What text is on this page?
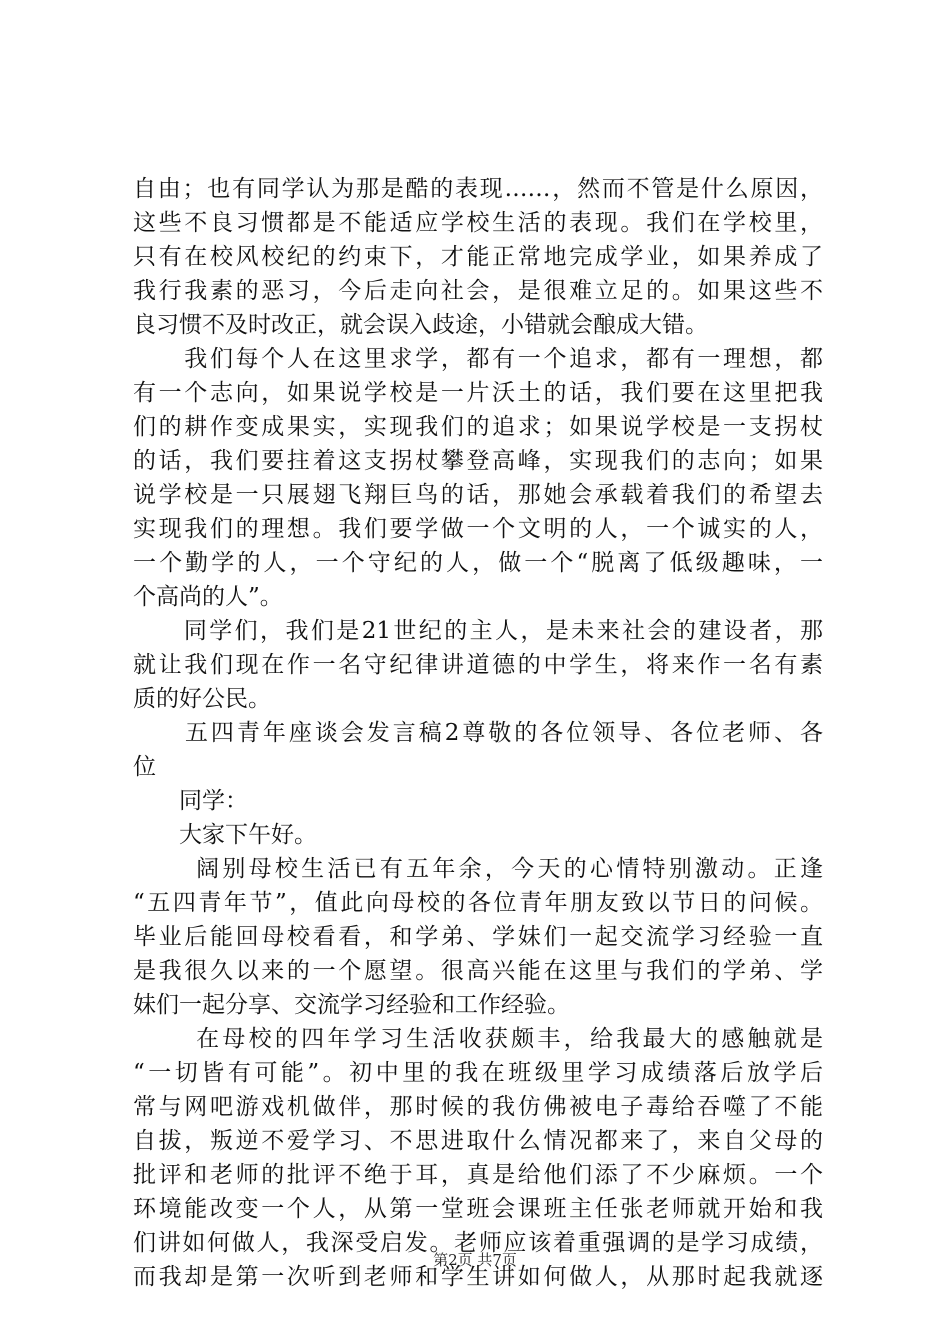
自由；也有同学认为那是酷的表现……，然而不管是什么原因，
这些不良习惯都是不能适应学校生活的表现。我们在学校里，
只有在校风校纪的约束下，才能正常地完成学业，如果养成了
我行我素的恶习，今后走向社会，是很难立足的。如果这些不
良习惯不及时改正，就会误入歧途，小错就会酿成大错。
　　我们每个人在这里求学，都有一个追求，都有一理想，都
有一个志向，如果说学校是一片沃土的话，我们要在这里把我
们的耕作变成果实，实现我们的追求；如果说学校是一支拐杖
的话，我们要拄着这支拐杖攀登高峰，实现我们的志向；如果
说学校是一只展翅飞翔巨鸟的话，那她会承载着我们的希望去
实现我们的理想。我们要学做一个文明的人，一个诚实的人，
一个勤学的人，一个守纪的人，做一个“脱离了低级趣味，一
个高尚的人”。
　　同学们，我们是21世纪的主人，是未来社会的建设者，那
就让我们现在作一名守纪律讲道德的中学生，将来作一名有素
质的好公民。
　　五四青年座谈会发言稿2尊敬的各位领导、各位老师、各
位
　　同学：
　　大家下午好。
　　 阔别母校生活已有五年余，今天的心情特别激动。正逢
“五四青年节”，值此向母校的各位青年朋友致以节日的问候。
毕业后能回母校看看，和学弟、学妹们一起交流学习经验一直
是我很久以来的一个愿望。很高兴能在这里与我们的学弟、学
妹们一起分享、交流学习经验和工作经验。
　　 在母校的四年学习生活收获颇丰，给我最大的感触就是
“一切皆有可能”。初中里的我在班级里学习成绩落后放学后
常与网吧游戏机做伴，那时候的我仿佛被电子毒给吞噬了不能
自拔，叛逆不爱学习、不思进取什么情况都来了，来自父母的
批评和老师的批评不绝于耳，真是给他们添了不少麻烦。一个
环境能改变一个人，从第一堂班会课班主任张老师就开始和我
们讲如何做人，我深受启发。老师应该着重强调的是学习成绩，
而我却是第一次听到老师和学生讲如何做人，从那时起我就逐
第2页 共7页
